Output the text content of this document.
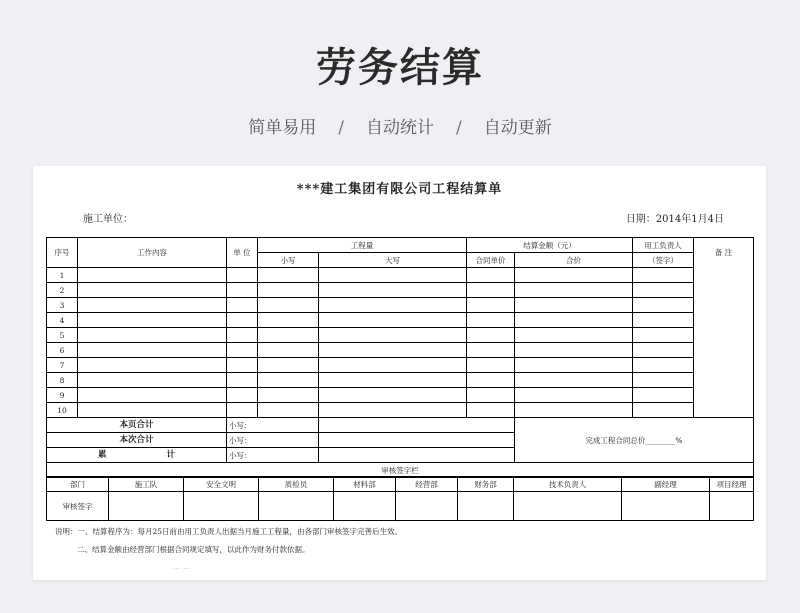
劳务结算
简单易用 / 自动统计 / 自动更新
***建工集团有限公司工程结算单
施工单位：	日期：2014年1月4日
序号	工作内容	单 位	工程量		结算金额（元）		用工负责人	备 注
			小写	大写	合同单价	合价	（签字）	
1								
2								
3								
4								
5								
6								
7								
8								
9								
10								
本页合计		小写：				完成工程合同总价________%		
本次合计		小写：						
累 计		小写：						
审核签字栏								
部门	施工队	安全文明	质检员	材料部	经营部	财务部	技术负责人	副经理	项目经理
审核签字									
说明：一、结算程序为：每月25日前由用工负责人出据当月施工工程量，由各部门审核签字完善后生效。
二、结算金额由经营部门根据合同规定填写，以此作为财务付款依据。
……
